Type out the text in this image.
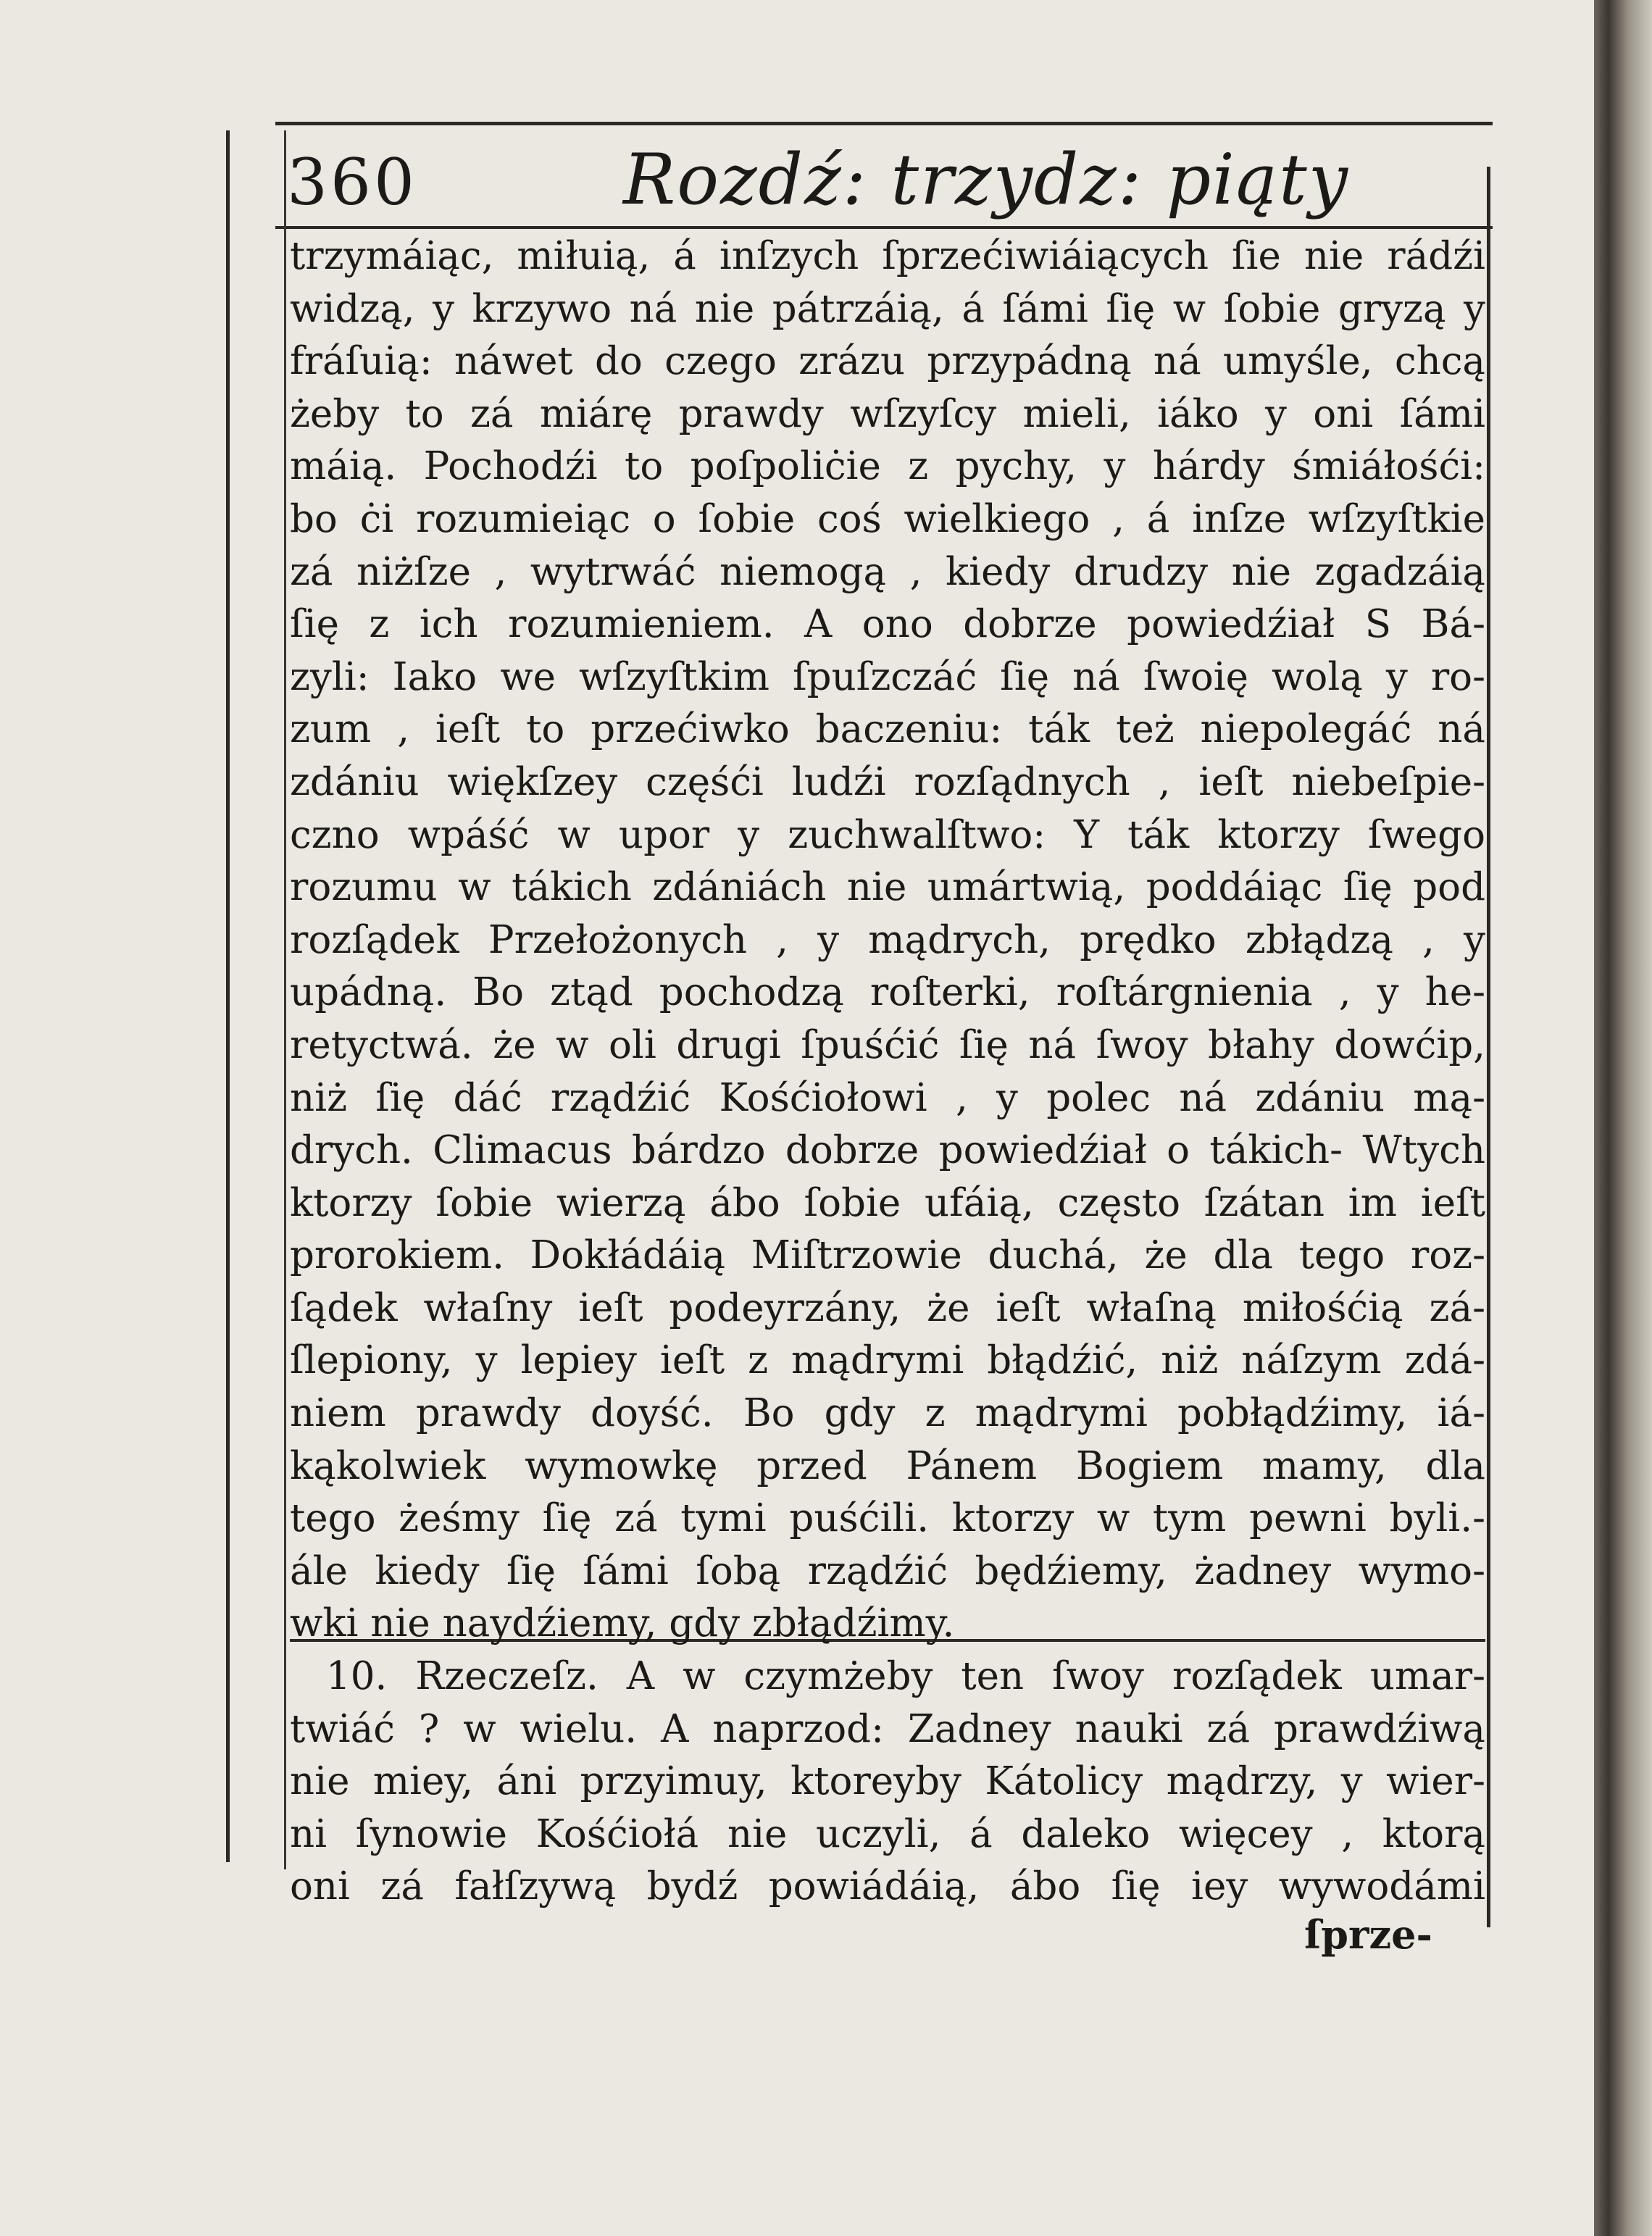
360	Rozdź: trzydz: piąty
trzymáiąc, miłuią, á inſzych ſprzećiwiáiących ſie nie rádźi
widzą, y krzywo ná nie pátrzáią, á ſámi ſię w ſobie gryzą y
fráſuią: náwet do czego zrázu przypádną ná umyśle, chcą
żeby to zá miárę prawdy wſzyſcy mieli, iáko y oni ſámi
máią. Pochodźi to poſpoliċie z pychy, y hárdy śmiáłośći:
bo ċi rozumieiąc o ſobie coś wielkiego , á inſze wſzyſtkie
zá niżſze , wytrwáć niemogą , kiedy drudzy nie zgadzáią
ſię z ich rozumieniem. A ono dobrze powiedźiał S Bá-
zyli: Iako we wſzyſtkim ſpuſzczáć ſię ná ſwoię wolą y ro-
zum , ieſt to przećiwko baczeniu: ták też niepolegáć ná
zdániu więkſzey częśći ludźi rozſądnych , ieſt niebeſpie-
czno wpáść w upor y zuchwalſtwo: Y ták ktorzy ſwego
rozumu w tákich zdániách nie umártwią, poddáiąc ſię pod
rozſądek Przełożonych , y mądrych, prędko zbłądzą , y
upádną. Bo ztąd pochodzą roſterki, roſtárgnienia , y he-
retyctwá. że w oli drugi ſpuśćić ſię ná ſwoy błahy dowćip,
niż ſię dáć rządźić Kośćiołowi , y polec ná zdániu mą-
drych. Climacus bárdzo dobrze powiedźiał o tákich- Wtych
ktorzy ſobie wierzą ábo ſobie ufáią, często ſzátan im ieſt
prorokiem. Dokłádáią Miſtrzowie duchá, że dla tego roz-
ſądek właſny ieſt podeyrzány, że ieſt właſną miłośćią zá-
ſlepiony, y lepiey ieſt z mądrymi błądźić, niż náſzym zdá-
niem prawdy doyść. Bo gdy z mądrymi pobłądźimy, iá-
kąkolwiek wymowkę przed Pánem Bogiem mamy, dla
tego żeśmy ſię zá tymi puśćili. ktorzy w tym pewni byli.-
ále kiedy ſię ſámi ſobą rządźić będźiemy, żadney wymo-
wki nie naydźiemy, gdy zbłądźimy.
10. Rzeczeſz. A w czymżeby ten ſwoy rozſądek umar-
twiáć ? w wielu. A naprzod: Zadney nauki zá prawdźiwą
nie miey, áni przyimuy, ktoreyby Kátolicy mądrzy, y wier-
ni ſynowie Kośćiołá nie uczyli, á daleko więcey , ktorą
oni zá fałſzywą bydź powiádáią, ábo ſię iey wywodámi
ſprze-
